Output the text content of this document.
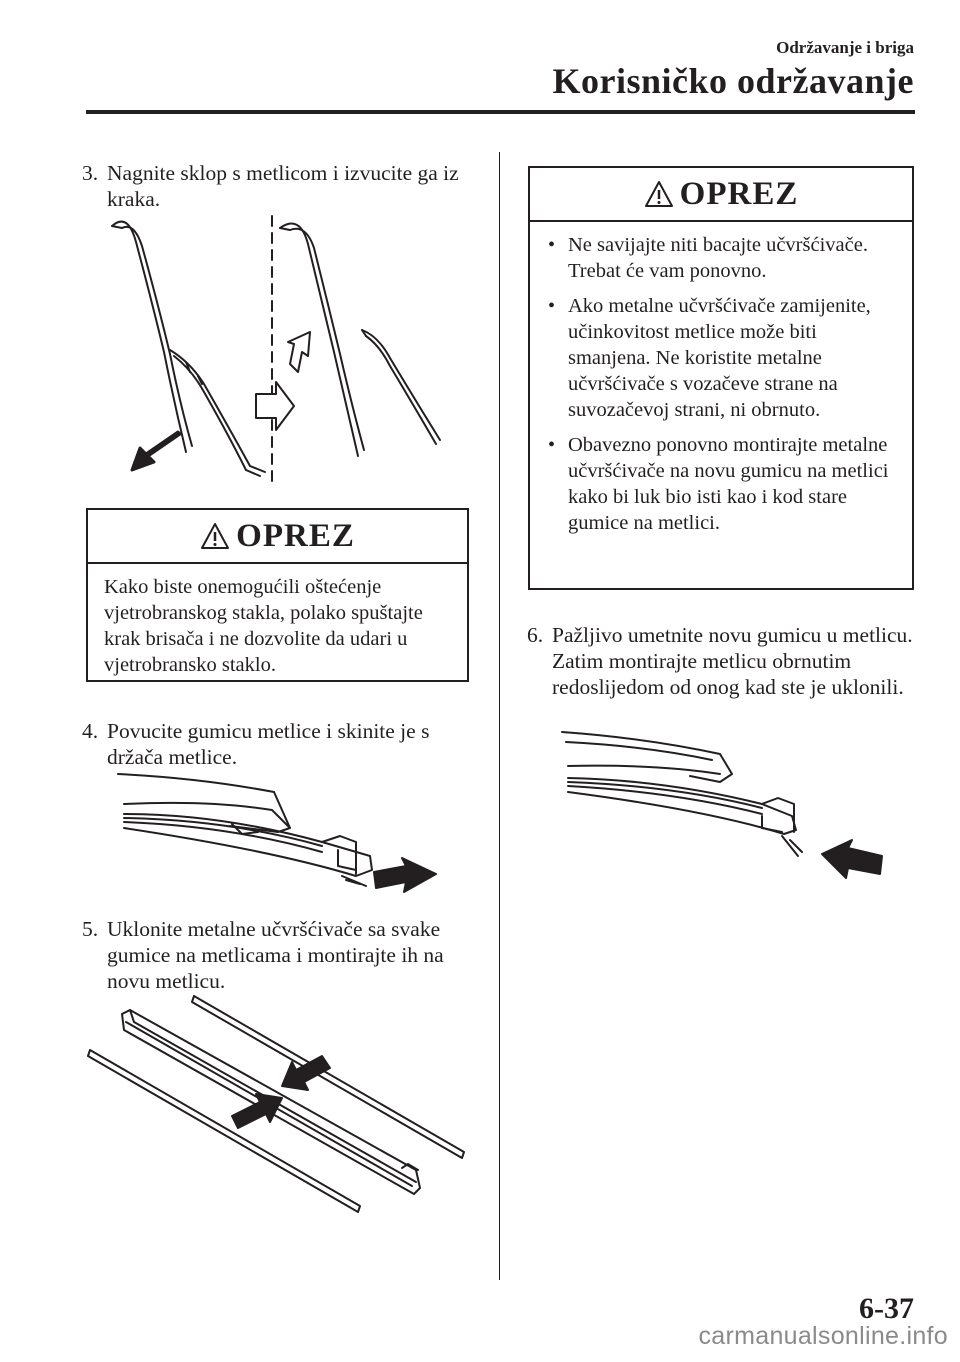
Održavanje i briga
Korisničko održavanje
3. Nagnite sklop s metlicom i izvucite ga iz kraka.
OPREZ
Kako biste onemogućili oštećenje vjetrobranskog stakla, polako spuštajte krak brisača i ne dozvolite da udari u vjetrobransko staklo.
4. Povucite gumicu metlice i skinite je s držača metlice.
5. Uklonite metalne učvršćivače sa svake gumice na metlicama i montirajte ih na novu metlicu.
OPREZ
• Ne savijajte niti bacajte učvršćivače. Trebat će vam ponovno.
• Ako metalne učvršćivače zamijenite, učinkovitost metlice može biti smanjena. Ne koristite metalne učvršćivače s vozačeve strane na suvozačevoj strani, ni obrnuto.
• Obavezno ponovno montirajte metalne učvršćivače na novu gumicu na metlici kako bi luk bio isti kao i kod stare gumice na metlici.
6. Pažljivo umetnite novu gumicu u metlicu. Zatim montirajte metlicu obrnutim redoslijedom od onog kad ste je uklonili.
6-37
carmanualsonline.info
